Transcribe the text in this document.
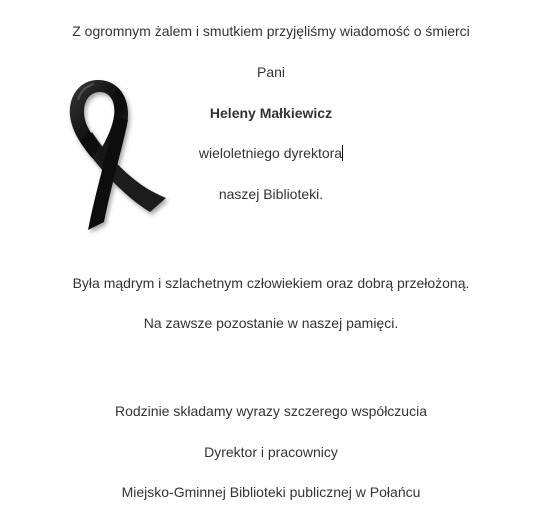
Z ogromnym żalem i smutkiem przyjęliśmy wiadomość o śmierci
Pani
Heleny Małkiewicz
wieloletniego dyrektora
naszej Biblioteki.
Była mądrym i szlachetnym człowiekiem oraz dobrą przełożoną.
Na zawsze pozostanie w naszej pamięci.
Rodzinie składamy wyrazy szczerego współczucia
Dyrektor i pracownicy
Miejsko-Gminnej Biblioteki publicznej w Połańcu
